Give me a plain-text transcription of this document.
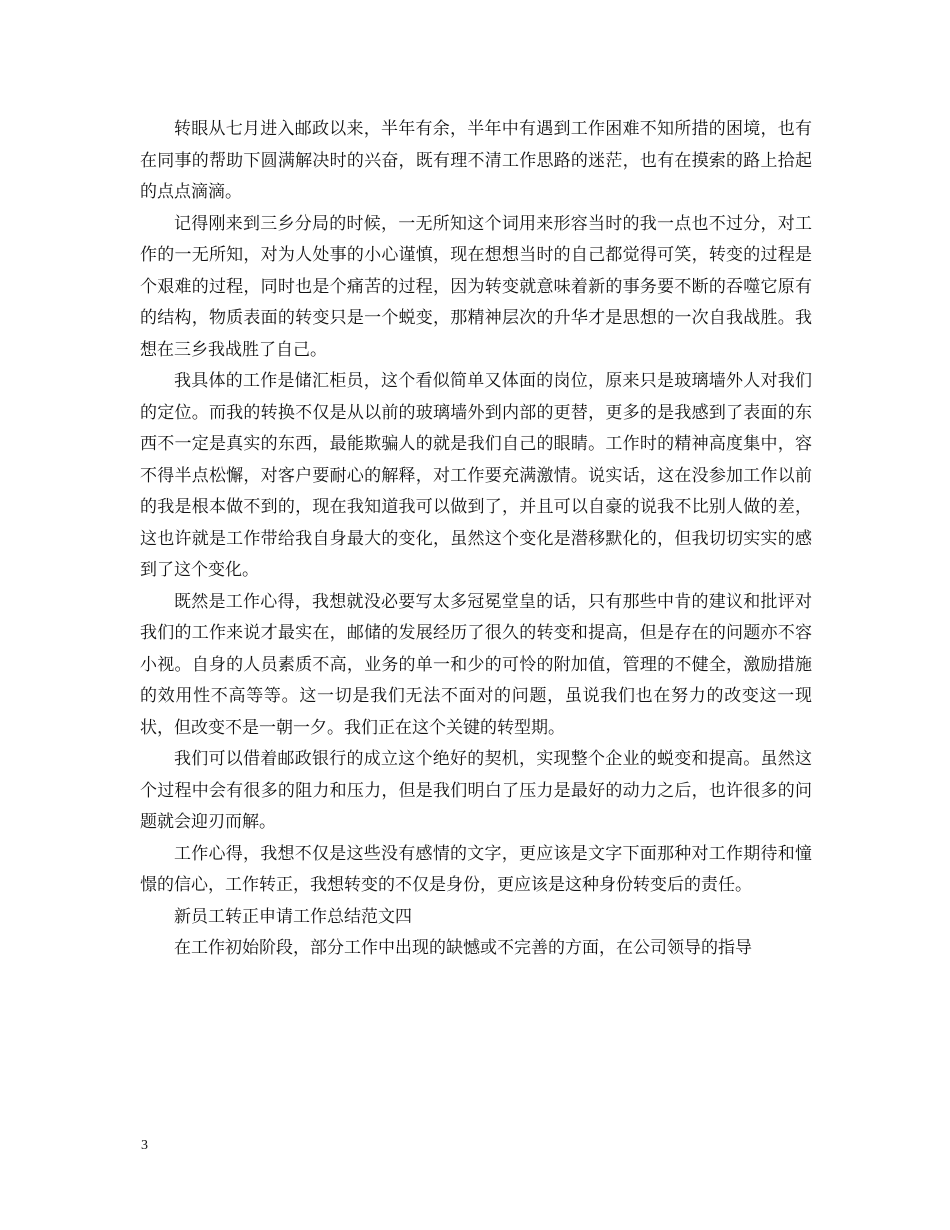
转眼从七月进入邮政以来，半年有余，半年中有遇到工作困难不知所措的困境，也有在同事的帮助下圆满解决时的兴奋，既有理不清工作思路的迷茫，也有在摸索的路上拾起的点点滴滴。

记得刚来到三乡分局的时候，一无所知这个词用来形容当时的我一点也不过分，对工作的一无所知，对为人处事的小心谨慎，现在想想当时的自己都觉得可笑，转变的过程是个艰难的过程，同时也是个痛苦的过程，因为转变就意味着新的事务要不断的吞噬它原有的结构，物质表面的转变只是一个蜕变，那精神层次的升华才是思想的一次自我战胜。我想在三乡我战胜了自己。

我具体的工作是储汇柜员，这个看似简单又体面的岗位，原来只是玻璃墙外人对我们的定位。而我的转换不仅是从以前的玻璃墙外到内部的更替，更多的是我感到了表面的东西不一定是真实的东西，最能欺骗人的就是我们自己的眼睛。工作时的精神高度集中，容不得半点松懈，对客户要耐心的解释，对工作要充满激情。说实话，这在没参加工作以前的我是根本做不到的，现在我知道我可以做到了，并且可以自豪的说我不比别人做的差，这也许就是工作带给我自身最大的变化，虽然这个变化是潜移默化的，但我切切实实的感到了这个变化。

既然是工作心得，我想就没必要写太多冠冕堂皇的话，只有那些中肯的建议和批评对我们的工作来说才最实在，邮储的发展经历了很久的转变和提高，但是存在的问题亦不容小视。自身的人员素质不高，业务的单一和少的可怜的附加值，管理的不健全，激励措施的效用性不高等等。这一切是我们无法不面对的问题，虽说我们也在努力的改变这一现状，但改变不是一朝一夕。我们正在这个关键的转型期。

我们可以借着邮政银行的成立这个绝好的契机，实现整个企业的蜕变和提高。虽然这个过程中会有很多的阻力和压力，但是我们明白了压力是最好的动力之后，也许很多的问题就会迎刃而解。

工作心得，我想不仅是这些没有感情的文字，更应该是文字下面那种对工作期待和憧憬的信心，工作转正，我想转变的不仅是身份，更应该是这种身份转变后的责任。

新员工转正申请工作总结范文四

在工作初始阶段，部分工作中出现的缺憾或不完善的方面，在公司领导的指导

3
